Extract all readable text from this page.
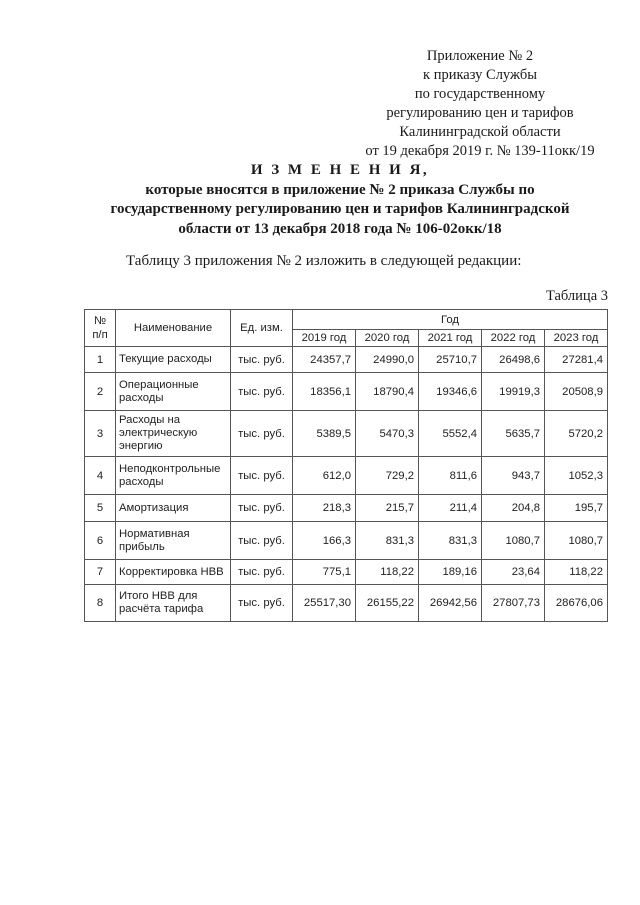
Приложение № 2
к приказу Службы
по государственному
регулированию цен и тарифов
Калининградской области
от 19 декабря 2019 г. № 139-11окк/19
И З М Е Н Е Н И Я,
которые вносятся в приложение № 2 приказа Службы по
государственному регулированию цен и тарифов Калининградской
области от 13 декабря 2018 года № 106-02окк/18
Таблицу 3 приложения № 2 изложить в следующей редакции:
Таблица 3
№ п/п	Наименование	Ед. изм.	Год				
			2019 год	2020 год	2021 год	2022 год	2023 год
1	Текущие расходы	тыс. руб.	24357,7	24990,0	25710,7	26498,6	27281,4
2	Операционные расходы	тыс. руб.	18356,1	18790,4	19346,6	19919,3	20508,9
3	Расходы на электрическую энергию	тыс. руб.	5389,5	5470,3	5552,4	5635,7	5720,2
4	Неподконтрольные расходы	тыс. руб.	612,0	729,2	811,6	943,7	1052,3
5	Амортизация	тыс. руб.	218,3	215,7	211,4	204,8	195,7
6	Нормативная прибыль	тыс. руб.	166,3	831,3	831,3	1080,7	1080,7
7	Корректировка НВВ	тыс. руб.	775,1	118,22	189,16	23,64	118,22
8	Итого НВВ для расчёта тарифа	тыс. руб.	25517,30	26155,22	26942,56	27807,73	28676,06
